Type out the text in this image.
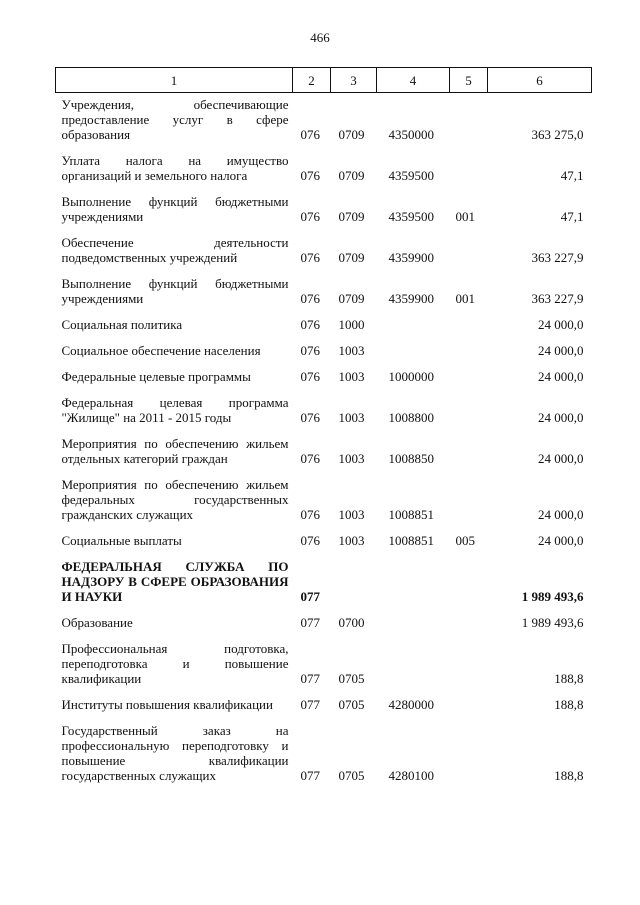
466
1	2	3	4	5	6
Учреждения, обеспечивающие предоставление услуг в сфере образования	076	0709	4350000		363 275,0
Уплата налога на имущество организаций и земельного налога	076	0709	4359500		47,1
Выполнение функций бюджетными учреждениями	076	0709	4359500	001	47,1
Обеспечение деятельности подведомственных учреждений	076	0709	4359900		363 227,9
Выполнение функций бюджетными учреждениями	076	0709	4359900	001	363 227,9
Социальная политика	076	1000			24 000,0
Социальное обеспечение населения	076	1003			24 000,0
Федеральные целевые программы	076	1003	1000000		24 000,0
Федеральная целевая программа "Жилище" на 2011 - 2015 годы	076	1003	1008800		24 000,0
Мероприятия по обеспечению жильем отдельных категорий граждан	076	1003	1008850		24 000,0
Мероприятия по обеспечению жильем федеральных государственных гражданских служащих	076	1003	1008851		24 000,0
Социальные выплаты	076	1003	1008851	005	24 000,0
ФЕДЕРАЛЬНАЯ СЛУЖБА ПО НАДЗОРУ В СФЕРЕ ОБРАЗОВАНИЯ И НАУКИ	077				1 989 493,6
Образование	077	0700			1 989 493,6
Профессиональная подготовка, переподготовка и повышение квалификации	077	0705			188,8
Институты повышения квалификации	077	0705	4280000		188,8
Государственный заказ на профессиональную переподготовку и повышение квалификации государственных служащих	077	0705	4280100		188,8
